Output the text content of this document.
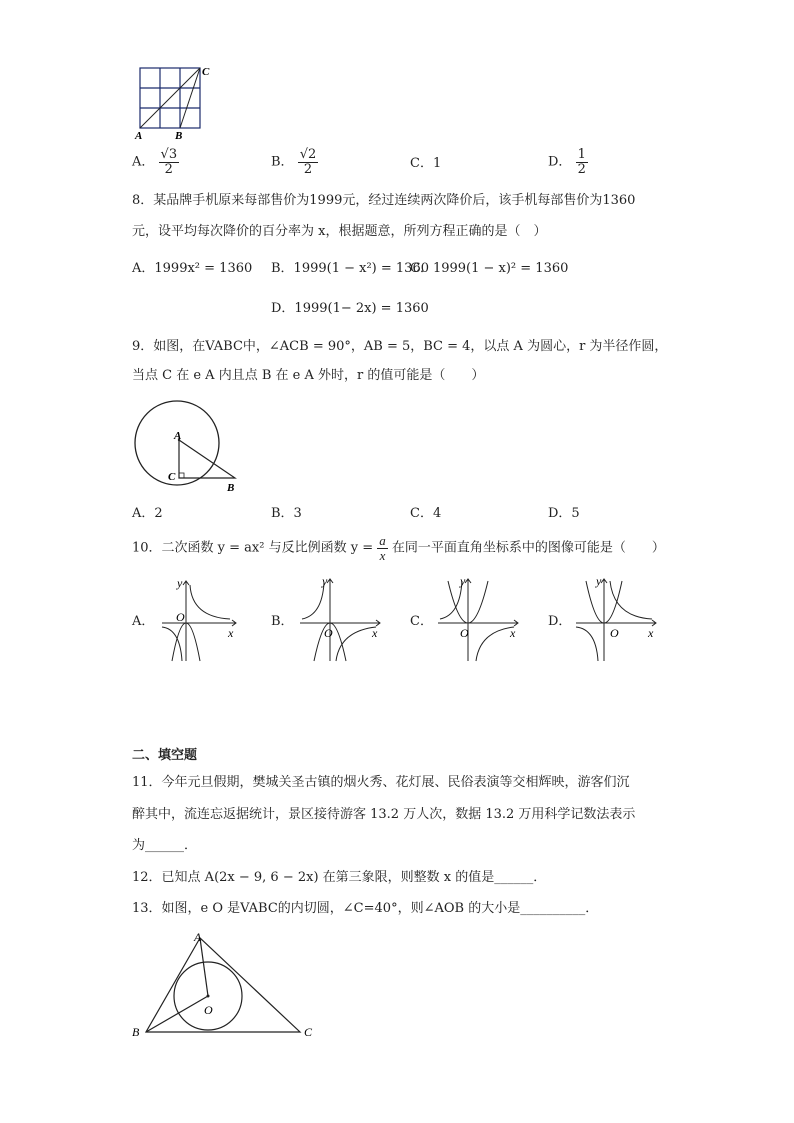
A	B
C
A． $\frac{√3}{2}$	B． $\frac{√2}{2}$	C．1	D． $\frac{1}{2}$
8．某品牌手机原来每部售价为1999元，经过连续两次降价后，该手机每部售价为1360
元，设平均每次降价的百分率为 x，根据题意，所列方程正确的是（　）
A．1999x² = 1360 B．1999(1 − x²) = 1360
C．1999(1 − x)² = 1360
D．1999(1− 2x) = 1360
9．如图，在VABC中，∠ACB = 90°，AB = 5，BC = 4，以点 A 为圆心，r 为半径作圆，
当点 C 在 e A 内且点 B 在 e A 外时，r 的值可能是（　　）
A
C
B
A．2	B．3	C．4	D．5
10．二次函数 y = ax² 与反比例函数 $y = \frac{a}{x}$ 在同一平面直角坐标系中的图像可能是（　　）
A．	B．	C．	D．
y
O
x
y
O	x
y
O	x
y
O x
二、填空题
11．今年元旦假期，樊城关圣古镇的烟火秀、花灯展、民俗表演等交相辉映，游客们沉
醉其中，流连忘返据统计，景区接待游客 13.2 万人次，数据 13.2 万用科学记数法表示
为______．
12．已知点 A(2x − 9, 6 − 2x) 在第三象限，则整数 x 的值是______．
13．如图，e O 是VABC的内切圆，∠C=40°，则∠AOB 的大小是__________．
A
B	C
O
